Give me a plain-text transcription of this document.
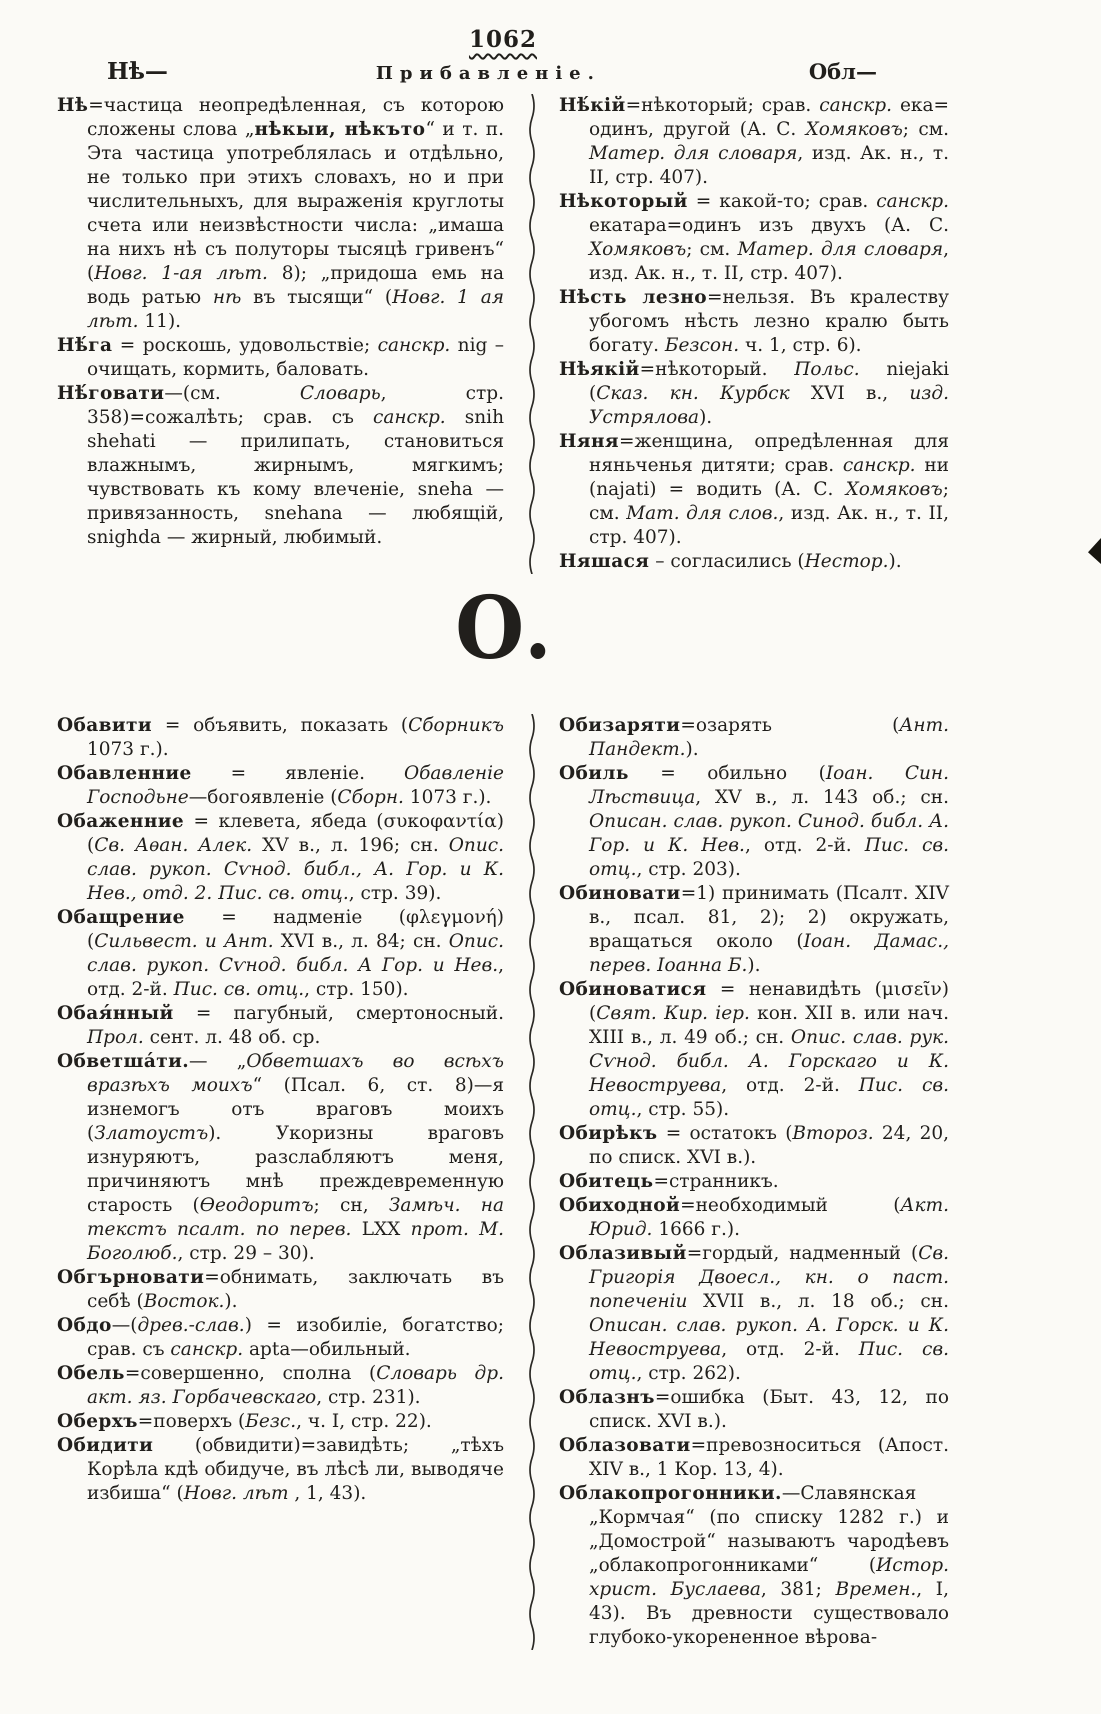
1062
Нѣ—	Прибавленіе.	Обл—

Нѣ=частица неопредѣленная, съ которою сложены слова „нѣкыи, нѣкъто“ и т. п. Эта частица употреблялась и отдѣльно, не только при этихъ словахъ, но и при числительныхъ, для выраженія круглоты счета или неизвѣстности числа: „имаша на нихъ нѣ съ полуторы тысяцѣ гривенъ“ (Новг. 1-ая лѣт. 8); „придоша емь на водь ратью нѣ въ тысящи“ (Новг. 1 ая лѣт. 11).

Нѣ́га = роскошь, удовольствіе; санскр. nig – очищать, кормить, баловать.

Нѣ́говати—(см. Словарь, стр. 358)=сожалѣть; срав. съ санскр. snih shehati — прилипать, становиться влажнымъ, жирнымъ, мягкимъ; чувствовать къ кому влеченіе, sneha — привязанность, snehana — любящій, snighda — жирный, любимый.

Нѣ́кій=нѣкоторый; срав. санскр. ека= одинъ, другой (А. С. Хомяковъ; см. Матер. для словаря, изд. Ак. н., т. II, стр. 407).

Нѣкоторый = какой-то; срав. санскр. екатара=одинъ изъ двухъ (А. С. Хомяковъ; см. Матер. для словаря, изд. Ак. н., т. II, стр. 407).

Нѣсть лезно=нельзя. Въ кралеству убогомъ нѣсть лезно кралю быть богату. Безсон. ч. 1, стр. 6).

Нѣякій=нѣкоторый. Польс. niejaki (Сказ. кн. Курбск XVI в., изд. Устрялова).

Няня=женщина, опредѣленная для няньченья дитяти; срав. санскр. ни (najati) = водить (А. С. Хомяковъ; см. Мат. для слов., изд. Ак. н., т. II, стр. 407).

Няшася – согласились (Нестор.).

О.

Обавити = объявить, показать (Сборникъ 1073 г.).

Обавленние = явленіе. Обавленіе Господьне—богоявленіе (Сборн. 1073 г.).

Обаженние = клевета, ябеда (συκοφαντία) (Св. Аѳан. Алек. XV в., л. 196; сн. Опис. слав. рукоп. Сѵнод. библ., А. Гор. и К. Нев., отд. 2. Пис. св. отц., стр. 39).

Обащрение = надменіе (φλεγμονή) (Сильвест. и Ант. XVI в., л. 84; сн. Опис. слав. рукоп. Сѵнод. библ. А Гор. и Нев., отд. 2-й. Пис. св. отц., стр. 150).

Обая́нный = пагубный, смертоносный. Прол. сент. л. 48 об. ср.

Обветша́ти.— „Обветшахъ во всѣхъ вразѣхъ моихъ“ (Псал. 6, ст. 8)—я изнемогъ отъ враговъ моихъ (Златоустъ). Укоризны враговъ изнуряютъ, разслабляютъ меня, причиняютъ мнѣ преждевременную старость (Ѳеодоритъ; сн, Замѣч. на текстъ псалт. по перев. LXX прот. М. Боголюб., стр. 29 – 30).

Обгърновати=обнимать, заключать въ себѣ (Восток.).

Обдо—(древ.-слав.) = изобиліе, богатство; срав. съ санскр. apta—обильный.

Обель=совершенно, сполна (Словарь др. акт. яз. Горбачевскаго, стр. 231).

Оберхъ=поверхъ (Безс., ч. I, стр. 22).

Обидити (обвидити)=завидѣть; „тѣхъ Корѣла кдѣ обидуче, въ лѣсѣ ли, выводяче избиша“ (Новг. лѣт , 1, 43).

Обизаряти=озарять (Ант. Пандект.).

Обиль = обильно (Іоан. Син. Лѣствица, XV в., л. 143 об.; сн. Описан. слав. рукоп. Синод. библ. А. Гор. и К. Нев., отд. 2-й. Пис. св. отц., стр. 203).

Обиновати=1) принимать (Псалт. XIV в., псал. 81, 2); 2) окружать, вращаться около (Іоан. Дамас., перев. Іоанна Б.).

Обиноватися = ненавидѣть (μισεῖν) (Свят. Кир. іер. кон. XII в. или нач. XIII в., л. 49 об.; сн. Опис. слав. рук. Сѵнод. библ. А. Горскаго и К. Невоструева, отд. 2-й. Пис. св. отц., стр. 55).

Обирѣкъ = остатокъ (Второз. 24, 20, по списк. XVI в.).

Обитець=странникъ.

Обиходной=необходимый (Акт. Юрид. 1666 г.).

Облазивый=гордый, надменный (Св. Григорія Двоесл., кн. о паст. попеченіи XVII в., л. 18 об.; сн. Описан. слав. рукоп. А. Горск. и К. Невоструева, отд. 2-й. Пис. св. отц., стр. 262).

Облазнъ=ошибка (Быт. 43, 12, по списк. XVI в.).

Облазовати=превозноситься (Апост. XIV в., 1 Кор. 13, 4).

Облакопрогонники.—Славянская „Кормчая“ (по списку 1282 г.) и „Домострой“ называютъ чародѣевъ „облакопрогонниками“ (Истор. христ. Буслаева, 381; Времен., I, 43). Въ древности существовало глубоко-укорененное вѣрова-
